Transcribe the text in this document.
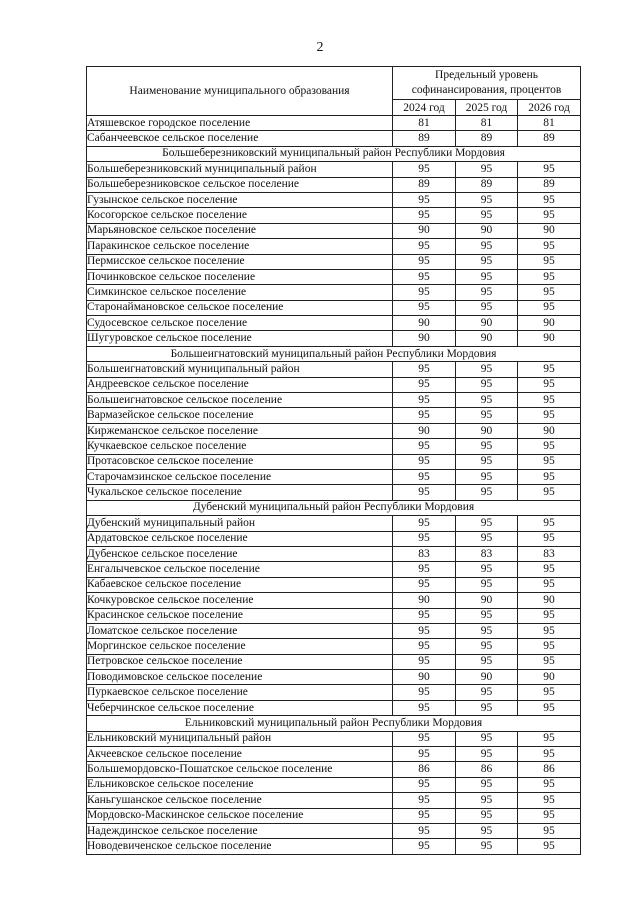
2
Наименование муниципального образования	Предельный уровень софинансирования, процентов		
	2024 год	2025 год	2026 год
Атяшевское городское поселение	81	81	81
Сабанчеевское сельское поселение	89	89	89
Большеберезниковский муниципальный район Республики Мордовия			
Большеберезниковский муниципальный район	95	95	95
Большеберезниковское сельское поселение	89	89	89
Гузынское сельское поселение	95	95	95
Косогорское сельское поселение	95	95	95
Марьяновское сельское поселение	90	90	90
Паракинское сельское поселение	95	95	95
Пермисское сельское поселение	95	95	95
Починковское сельское поселение	95	95	95
Симкинское сельское поселение	95	95	95
Старонаймановское сельское поселение	95	95	95
Судосевское сельское поселение	90	90	90
Шугуровское сельское поселение	90	90	90
Большеигнатовский муниципальный район Республики Мордовия			
Большеигнатовский муниципальный район	95	95	95
Андреевское сельское поселение	95	95	95
Большеигнатовское сельское поселение	95	95	95
Вармазейское сельское поселение	95	95	95
Киржеманское сельское поселение	90	90	90
Кучкаевское сельское поселение	95	95	95
Протасовское сельское поселение	95	95	95
Старочамзинское сельское поселение	95	95	95
Чукальское сельское поселение	95	95	95
Дубенский муниципальный район Республики Мордовия			
Дубенский муниципальный район	95	95	95
Ардатовское сельское поселение	95	95	95
Дубенское сельское поселение	83	83	83
Енгалычевское сельское поселение	95	95	95
Кабаевское сельское поселение	95	95	95
Кочкуровское сельское поселение	90	90	90
Красинское сельское поселение	95	95	95
Ломатское сельское поселение	95	95	95
Моргинское сельское поселение	95	95	95
Петровское сельское поселение	95	95	95
Поводимовское сельское поселение	90	90	90
Пуркаевское сельское поселение	95	95	95
Чеберчинское сельское поселение	95	95	95
Ельниковский муниципальный район Республики Мордовия			
Ельниковский муниципальный район	95	95	95
Акчеевское сельское поселение	95	95	95
Большемордовско-Пошатское сельское поселение	86	86	86
Ельниковское сельское поселение	95	95	95
Каньгушанское сельское поселение	95	95	95
Мордовско-Маскинское сельское поселение	95	95	95
Надеждинское сельское поселение	95	95	95
Новодевиченское сельское поселение	95	95	95
